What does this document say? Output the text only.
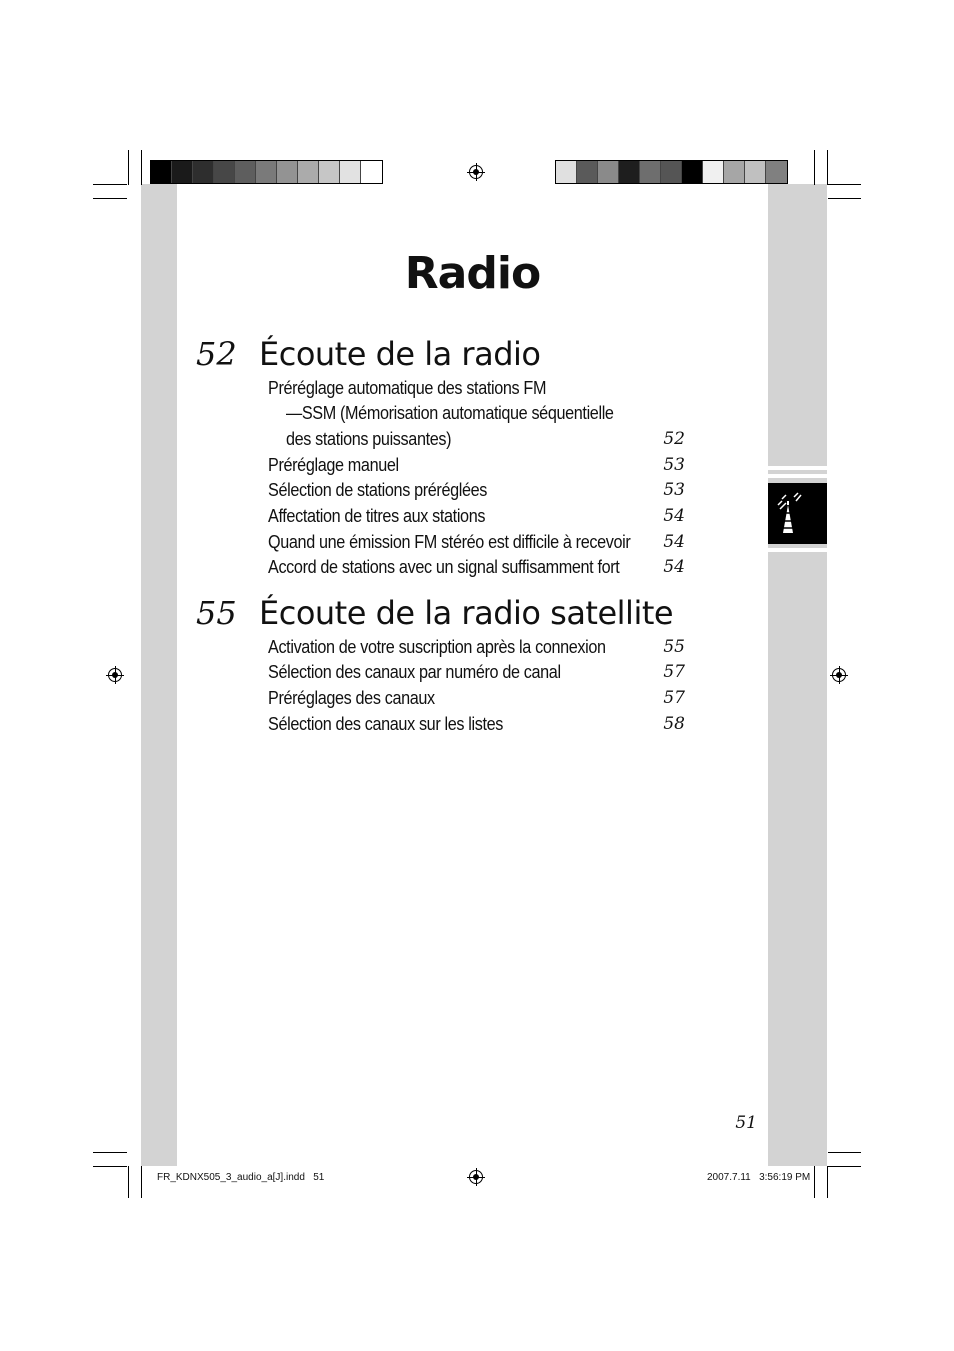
Radio
52 Écoute de la radio
Préréglage automatique des stations FM
—SSM (Mémorisation automatique séquentielle
des stations puissantes)	52
Préréglage manuel	53
Sélection de stations préréglées	53
Affectation de titres aux stations	54
Quand une émission FM stéréo est difficile à recevoir	54
Accord de stations avec un signal suffisamment fort	54
55 Écoute de la radio satellite
Activation de votre suscription après la connexion	55
Sélection des canaux par numéro de canal	57
Préréglages des canaux	57
Sélection des canaux sur les listes	58
51
FR_KDNX505_3_audio_a[J].indd   51	2007.7.11   3:56:19 PM
